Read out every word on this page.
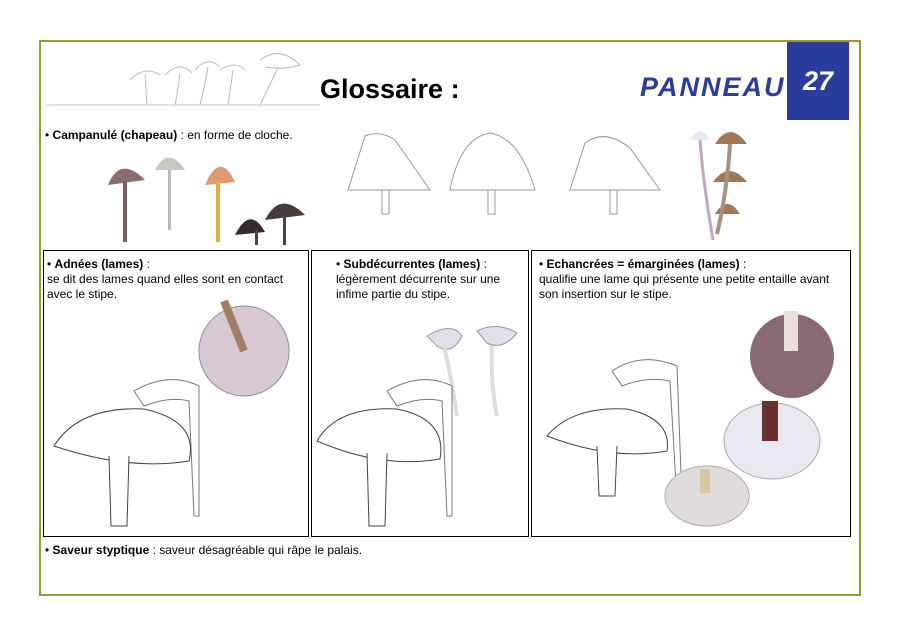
Glossaire :	PANNEAU 27
• Campanulé (chapeau) : en forme de cloche.
• Adnées (lames) :
se dit des lames quand elles sont en contact avec le stipe.
• Subdécurrentes (lames) :
légèrement décurrente sur une infime partie du stipe.
• Echancrées = émarginées (lames) :
qualifie une lame qui présente une petite entaille avant son insertion sur le stipe.
• Saveur styptique : saveur désagréable qui râpe le palais.
